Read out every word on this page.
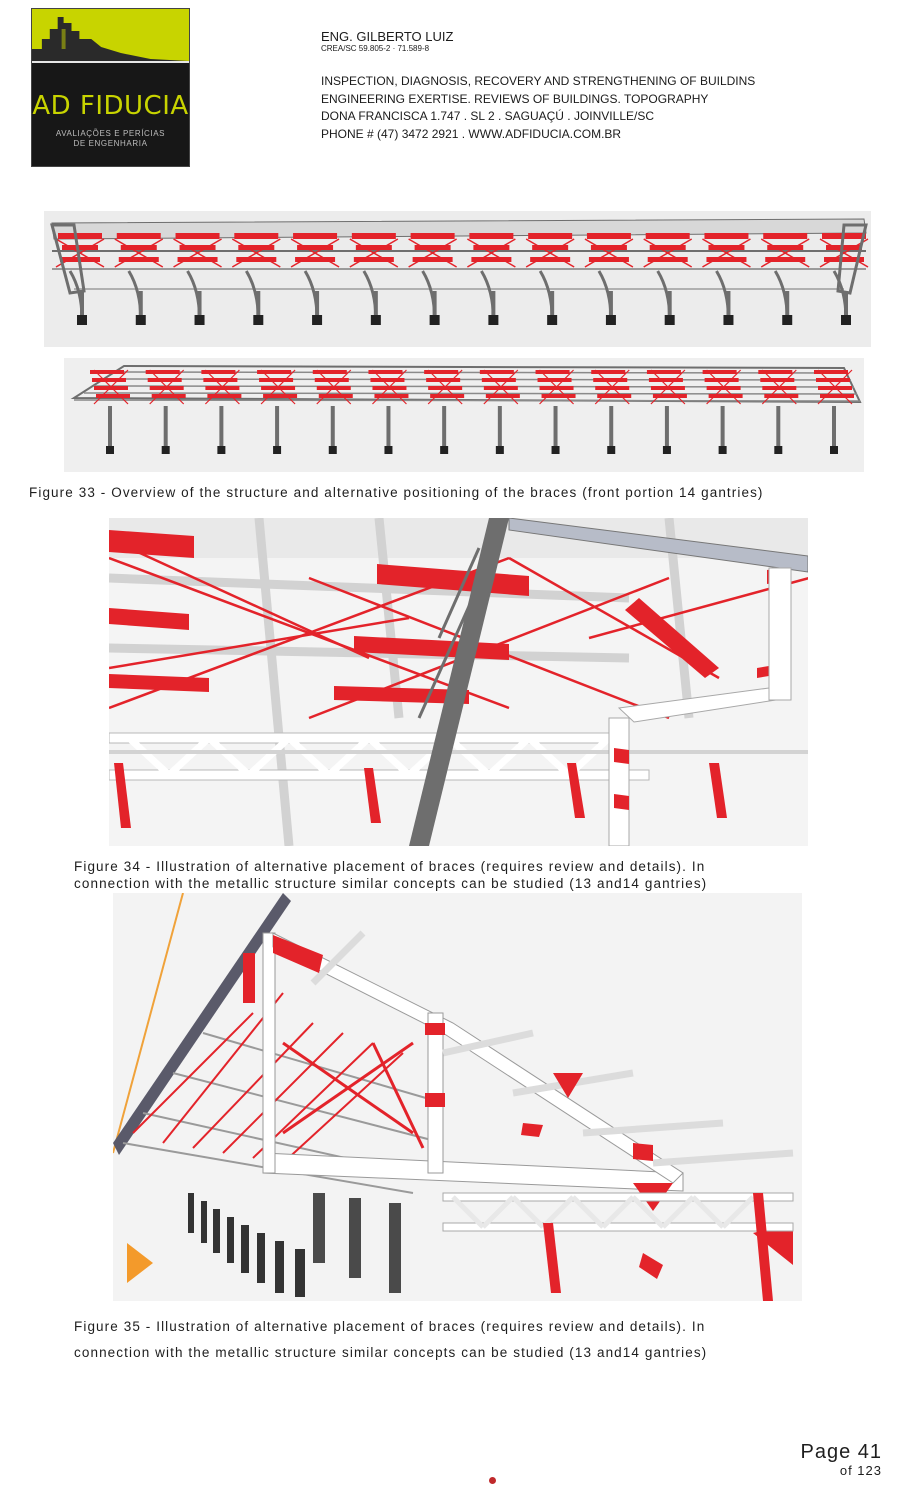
AD FIDUCIA
AVALIAÇÕES E PERÍCIAS
DE ENGENHARIA
ENG. GILBERTO LUIZ
CREA/SC 59.805-2 · 71.589-8
INSPECTION, DIAGNOSIS, RECOVERY AND STRENGTHENING OF BUILDINS
ENGINEERING EXERTISE. REVIEWS OF BUILDINGS. TOPOGRAPHY
DONA FRANCISCA 1.747 . SL 2 . SAGUAÇÚ . JOINVILLE/SC
PHONE # (47) 3472 2921 . WWW.ADFIDUCIA.COM.BR
Figure 33 - Overview of the structure and alternative positioning of the braces (front portion 14 gantries)
Figure 34 - Illustration of alternative placement of braces (requires review and details). In
connection with the metallic structure similar concepts can be studied (13 and14 gantries)
Figure 35 - Illustration of alternative placement of braces (requires review and details). In
connection with the metallic structure similar concepts can be studied (13 and14 gantries)
Page 41
of 123
